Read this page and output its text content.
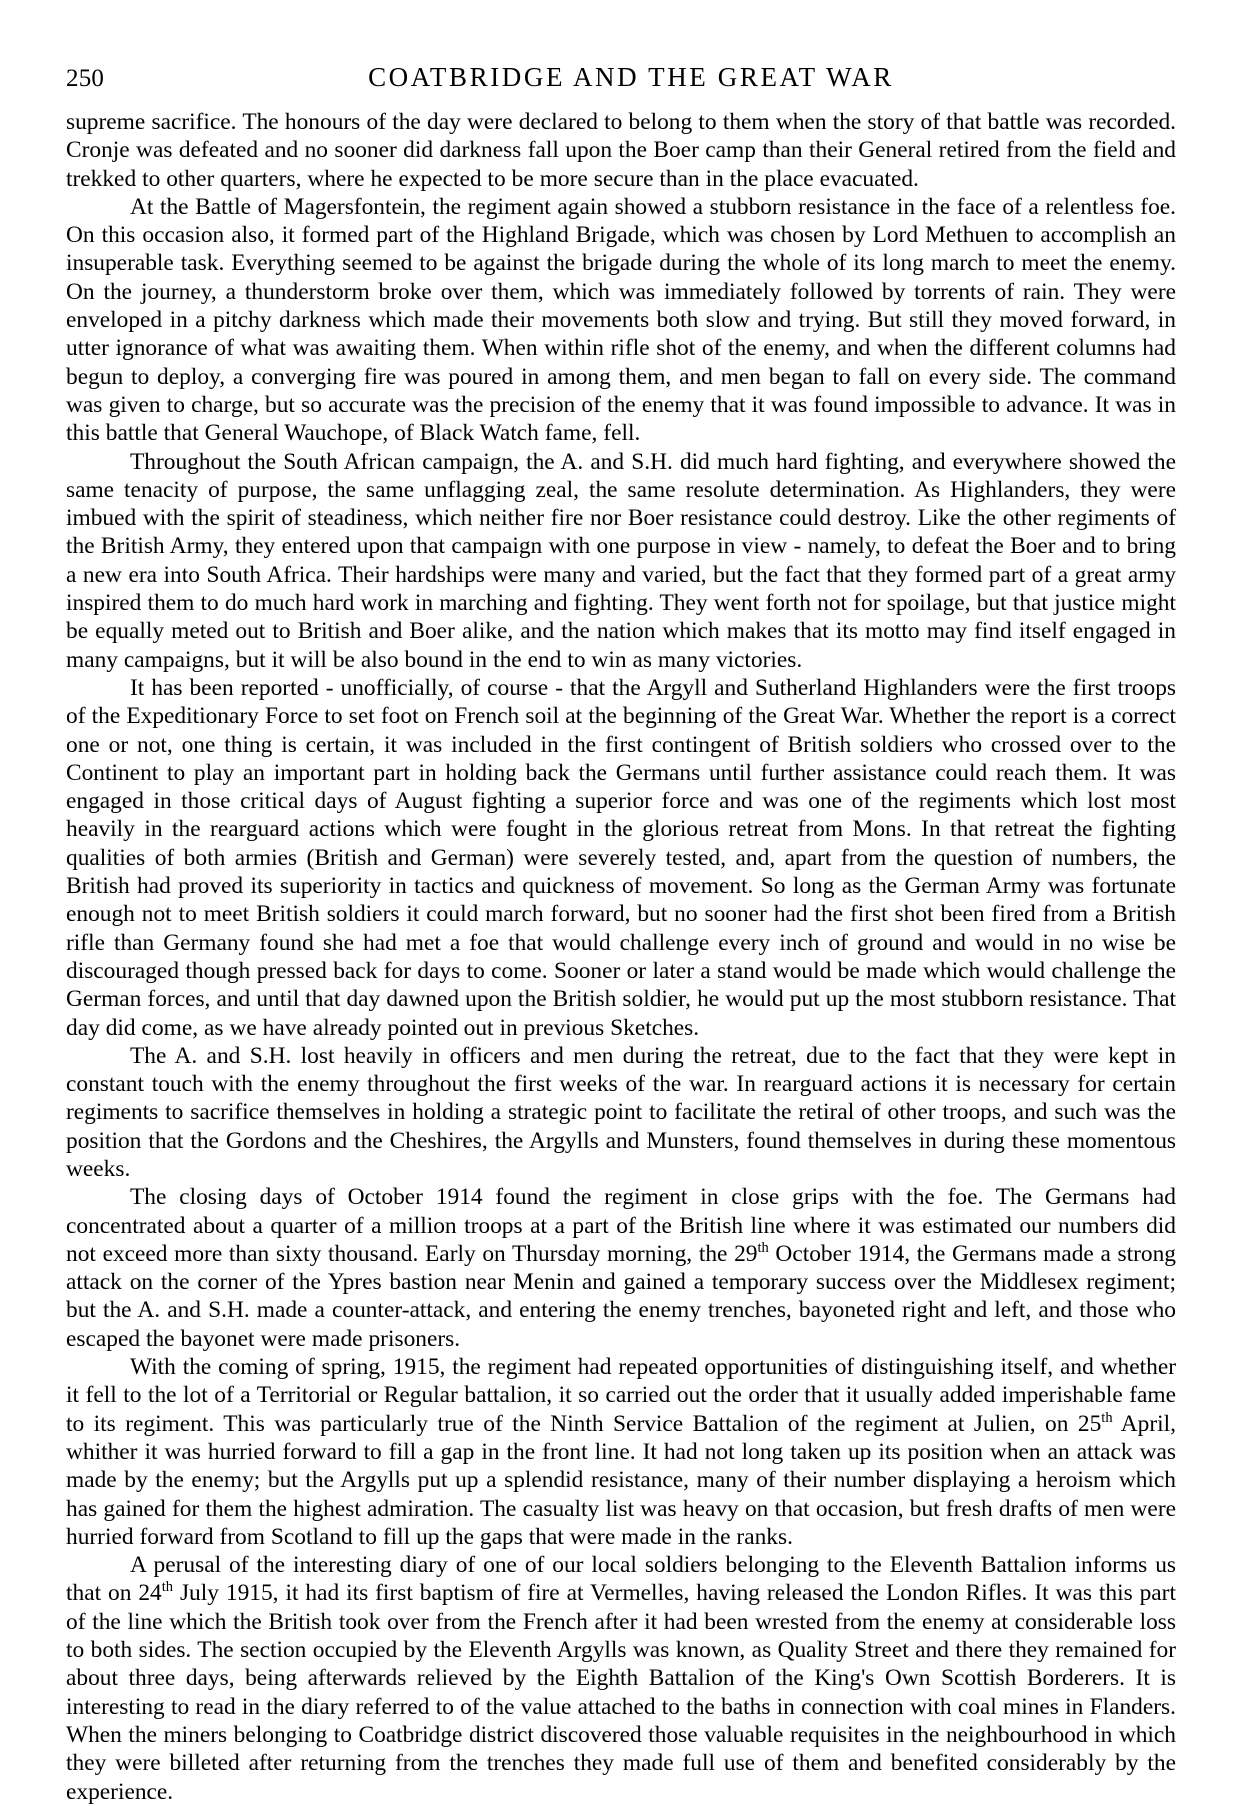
250	COATBRIDGE AND THE GREAT WAR

supreme sacrifice. The honours of the day were declared to belong to them when the story of that battle was recorded. Cronje was defeated and no sooner did darkness fall upon the Boer camp than their General retired from the field and trekked to other quarters, where he expected to be more secure than in the place evacuated.

At the Battle of Magersfontein, the regiment again showed a stubborn resistance in the face of a relentless foe. On this occasion also, it formed part of the Highland Brigade, which was chosen by Lord Methuen to accomplish an insuperable task. Everything seemed to be against the brigade during the whole of its long march to meet the enemy. On the journey, a thunderstorm broke over them, which was immediately followed by torrents of rain. They were enveloped in a pitchy darkness which made their movements both slow and trying. But still they moved forward, in utter ignorance of what was awaiting them. When within rifle shot of the enemy, and when the different columns had begun to deploy, a converging fire was poured in among them, and men began to fall on every side. The command was given to charge, but so accurate was the precision of the enemy that it was found impossible to advance. It was in this battle that General Wauchope, of Black Watch fame, fell.

Throughout the South African campaign, the A. and S.H. did much hard fighting, and everywhere showed the same tenacity of purpose, the same unflagging zeal, the same resolute determination. As Highlanders, they were imbued with the spirit of steadiness, which neither fire nor Boer resistance could destroy. Like the other regiments of the British Army, they entered upon that campaign with one purpose in view - namely, to defeat the Boer and to bring a new era into South Africa. Their hardships were many and varied, but the fact that they formed part of a great army inspired them to do much hard work in marching and fighting. They went forth not for spoilage, but that justice might be equally meted out to British and Boer alike, and the nation which makes that its motto may find itself engaged in many campaigns, but it will be also bound in the end to win as many victories.

It has been reported - unofficially, of course - that the Argyll and Sutherland Highlanders were the first troops of the Expeditionary Force to set foot on French soil at the beginning of the Great War. Whether the report is a correct one or not, one thing is certain, it was included in the first contingent of British soldiers who crossed over to the Continent to play an important part in holding back the Germans until further assistance could reach them. It was engaged in those critical days of August fighting a superior force and was one of the regiments which lost most heavily in the rearguard actions which were fought in the glorious retreat from Mons. In that retreat the fighting qualities of both armies (British and German) were severely tested, and, apart from the question of numbers, the British had proved its superiority in tactics and quickness of movement. So long as the German Army was fortunate enough not to meet British soldiers it could march forward, but no sooner had the first shot been fired from a British rifle than Germany found she had met a foe that would challenge every inch of ground and would in no wise be discouraged though pressed back for days to come. Sooner or later a stand would be made which would challenge the German forces, and until that day dawned upon the British soldier, he would put up the most stubborn resistance. That day did come, as we have already pointed out in previous Sketches.

The A. and S.H. lost heavily in officers and men during the retreat, due to the fact that they were kept in constant touch with the enemy throughout the first weeks of the war. In rearguard actions it is necessary for certain regiments to sacrifice themselves in holding a strategic point to facilitate the retiral of other troops, and such was the position that the Gordons and the Cheshires, the Argylls and Munsters, found themselves in during these momentous weeks.

The closing days of October 1914 found the regiment in close grips with the foe. The Germans had concentrated about a quarter of a million troops at a part of the British line where it was estimated our numbers did not exceed more than sixty thousand. Early on Thursday morning, the 29th October 1914, the Germans made a strong attack on the corner of the Ypres bastion near Menin and gained a temporary success over the Middlesex regiment; but the A. and S.H. made a counter-attack, and entering the enemy trenches, bayoneted right and left, and those who escaped the bayonet were made prisoners.

With the coming of spring, 1915, the regiment had repeated opportunities of distinguishing itself, and whether it fell to the lot of a Territorial or Regular battalion, it so carried out the order that it usually added imperishable fame to its regiment. This was particularly true of the Ninth Service Battalion of the regiment at Julien, on 25th April, whither it was hurried forward to fill a gap in the front line. It had not long taken up its position when an attack was made by the enemy; but the Argylls put up a splendid resistance, many of their number displaying a heroism which has gained for them the highest admiration. The casualty list was heavy on that occasion, but fresh drafts of men were hurried forward from Scotland to fill up the gaps that were made in the ranks.

A perusal of the interesting diary of one of our local soldiers belonging to the Eleventh Battalion informs us that on 24th July 1915, it had its first baptism of fire at Vermelles, having released the London Rifles. It was this part of the line which the British took over from the French after it had been wrested from the enemy at considerable loss to both sides. The section occupied by the Eleventh Argylls was known, as Quality Street and there they remained for about three days, being afterwards relieved by the Eighth Battalion of the King's Own Scottish Borderers. It is interesting to read in the diary referred to of the value attached to the baths in connection with coal mines in Flanders. When the miners belonging to Coatbridge district discovered those valuable requisites in the neighbourhood in which they were billeted after returning from the trenches they made full use of them and benefited considerably by the experience.
